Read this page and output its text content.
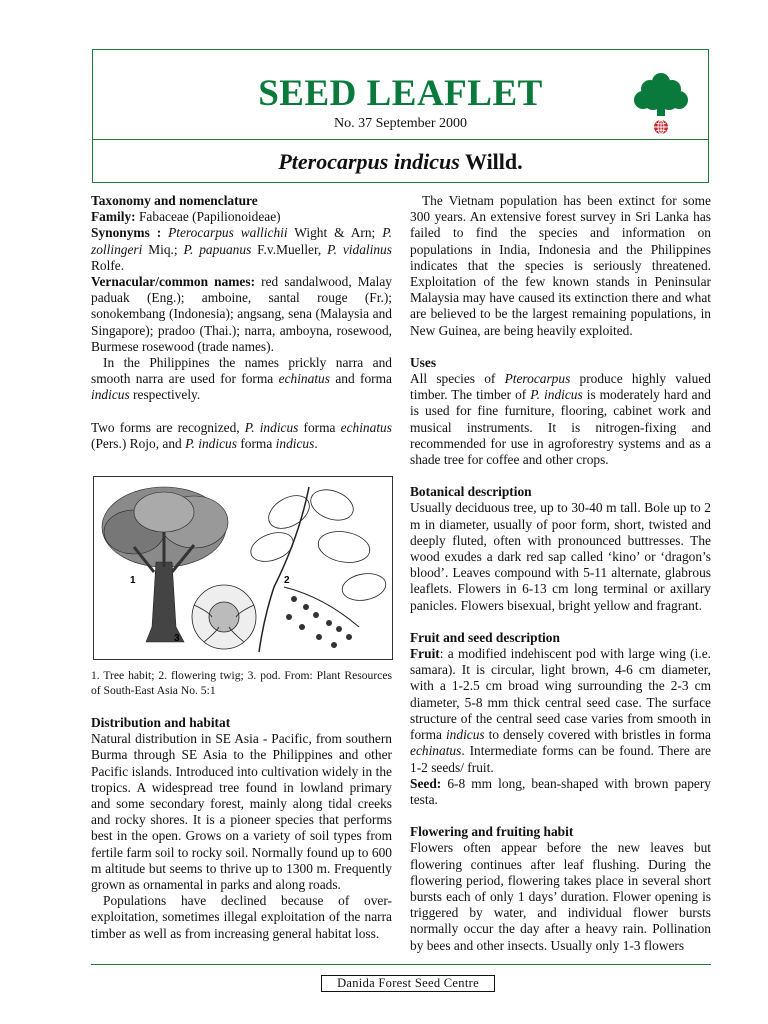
SEED LEAFLET
No. 37 September 2000
Pterocarpus indicus Willd.
Taxonomy and nomenclature

Family: Fabaceae (Papilionoideae)

Synonyms : Pterocarpus wallichii Wight & Arn; P. zollingeri Miq.; P. papuanus F.v.Mueller, P. vidalinus Rolfe.

Vernacular/common names: red sandalwood, Malay paduak (Eng.); amboine, santal rouge (Fr.); sonokembang (Indonesia); angsang, sena (Malaysia and Singapore); pradoo (Thai.); narra, amboyna, rosewood, Burmese rosewood (trade names).

In the Philippines the names prickly narra and smooth narra are used for forma echinatus and forma indicus respectively.

Two forms are recognized, P. indicus forma echinatus (Pers.) Rojo, and P. indicus forma indicus.

1	2
3
1. Tree habit; 2. flowering twig; 3. pod. From: Plant Resources of South-East Asia No. 5:1
Distribution and habitat

Natural distribution in SE Asia - Pacific, from southern Burma through SE Asia to the Philippines and other Pacific islands. Introduced into cultivation widely in the tropics. A widespread tree found in lowland primary and some secondary forest, mainly along tidal creeks and rocky shores. It is a pioneer species that performs best in the open. Grows on a variety of soil types from fertile farm soil to rocky soil. Normally found up to 600 m altitude but seems to thrive up to 1300 m. Frequently grown as ornamental in parks and along roads.

Populations have declined because of over-exploitation, sometimes illegal exploitation of the narra timber as well as from increasing general habitat loss.

The Vietnam population has been extinct for some 300 years. An extensive forest survey in Sri Lanka has failed to find the species and information on populations in India, Indonesia and the Philippines indicates that the species is seriously threatened. Exploitation of the few known stands in Peninsular Malaysia may have caused its extinction there and what are believed to be the largest remaining populations, in New Guinea, are being heavily exploited.

Uses

All species of Pterocarpus produce highly valued timber. The timber of P. indicus is moderately hard and is used for fine furniture, flooring, cabinet work and musical instruments. It is nitrogen-fixing and recommended for use in agroforestry systems and as a shade tree for coffee and other crops.

Botanical description

Usually deciduous tree, up to 30-40 m tall. Bole up to 2 m in diameter, usually of poor form, short, twisted and deeply fluted, often with pronounced buttresses. The wood exudes a dark red sap called ‘kino’ or ‘dragon’s blood’. Leaves compound with 5-11 alternate, glabrous leaflets. Flowers in 6-13 cm long terminal or axillary panicles. Flowers bisexual, bright yellow and fragrant.

Fruit and seed description

Fruit: a modified indehiscent pod with large wing (i.e. samara). It is circular, light brown, 4-6 cm diameter, with a 1-2.5 cm broad wing surrounding the 2-3 cm diameter, 5-8 mm thick central seed case. The surface structure of the central seed case varies from smooth in forma indicus to densely covered with bristles in forma echinatus. Intermediate forms can be found. There are 1-2 seeds/ fruit.

Seed: 6-8 mm long, bean-shaped with brown papery testa.

Flowering and fruiting habit

Flowers often appear before the new leaves but flowering continues after leaf flushing. During the flowering period, flowering takes place in several short bursts each of only 1 days’ duration. Flower opening is triggered by water, and individual flower bursts normally occur the day after a heavy rain. Pollination by bees and other insects. Usually only 1-3 flowers

Danida Forest Seed Centre
